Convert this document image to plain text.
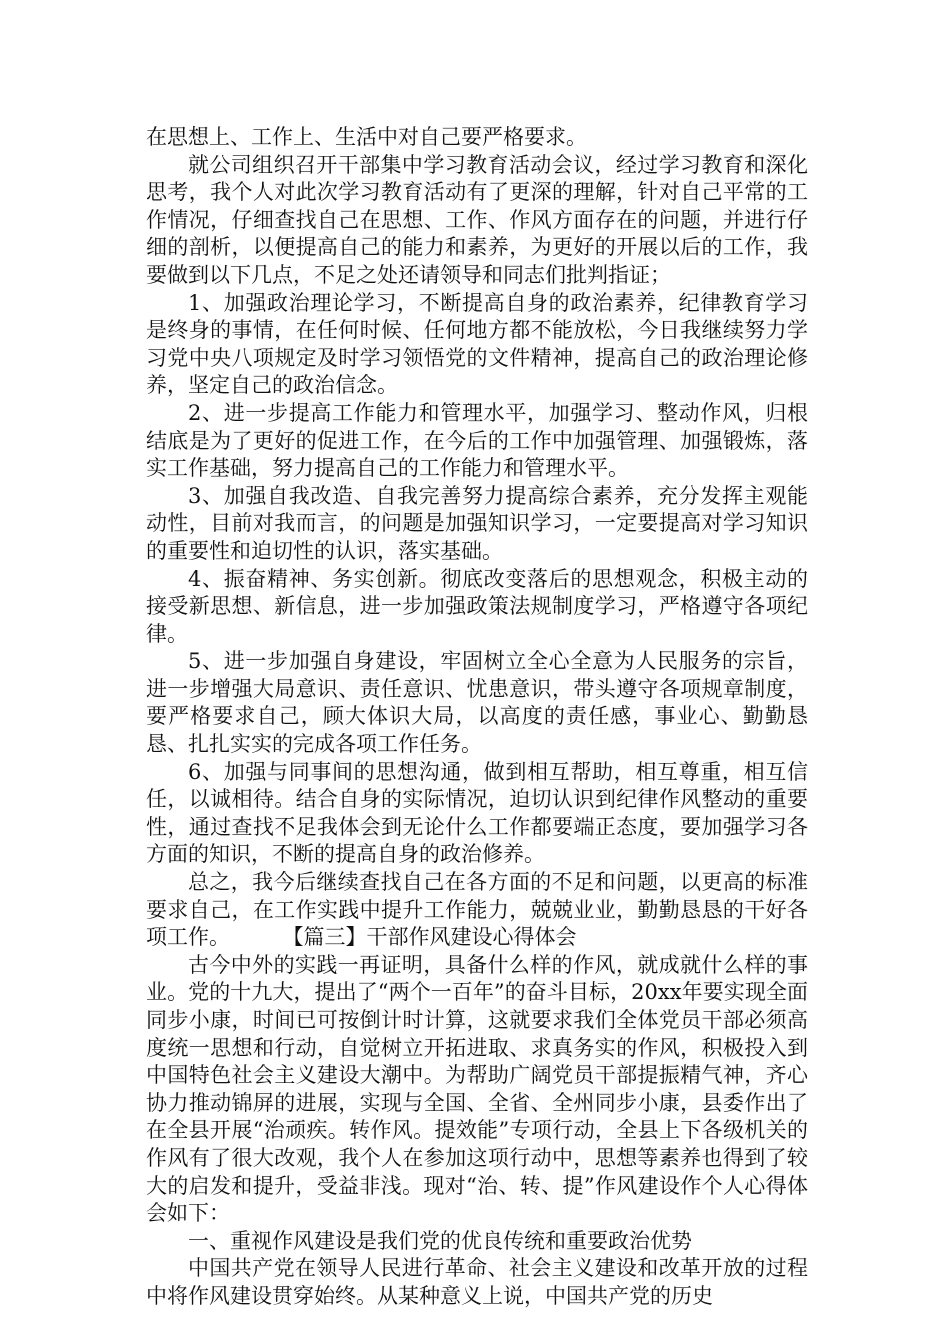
在思想上、工作上、生活中对自己要严格要求。

就公司组织召开干部集中学习教育活动会议，经过学习教育和深化思考，我个人对此次学习教育活动有了更深的理解，针对自己平常的工作情况，仔细查找自己在思想、工作、作风方面存在的问题，并进行仔细的剖析，以便提高自己的能力和素养，为更好的开展以后的工作，我要做到以下几点，不足之处还请领导和同志们批判指证；

1、加强政治理论学习，不断提高自身的政治素养，纪律教育学习是终身的事情，在任何时候、任何地方都不能放松，今日我继续努力学习党中央八项规定及时学习领悟党的文件精神，提高自己的政治理论修养，坚定自己的政治信念。

2、进一步提高工作能力和管理水平，加强学习、整动作风，归根结底是为了更好的促进工作，在今后的工作中加强管理、加强锻炼，落实工作基础，努力提高自己的工作能力和管理水平。

3、加强自我改造、自我完善努力提高综合素养，充分发挥主观能动性，目前对我而言，的问题是加强知识学习，一定要提高对学习知识的重要性和迫切性的认识，落实基础。

4、振奋精神、务实创新。彻底改变落后的思想观念，积极主动的接受新思想、新信息，进一步加强政策法规制度学习，严格遵守各项纪律。

5、进一步加强自身建设，牢固树立全心全意为人民服务的宗旨，进一步增强大局意识、责任意识、忧患意识，带头遵守各项规章制度，要严格要求自己，顾大体识大局，以高度的责任感，事业心、勤勤恳恳、扎扎实实的完成各项工作任务。

6、加强与同事间的思想沟通，做到相互帮助，相互尊重，相互信任，以诚相待。结合自身的实际情况，迫切认识到纪律作风整动的重要性，通过查找不足我体会到无论什么工作都要端正态度，要加强学习各方面的知识，不断的提高自身的政治修养。

总之，我今后继续查找自己在各方面的不足和问题，以更高的标准要求自己，在工作实践中提升工作能力，兢兢业业，勤勤恳恳的干好各项工作。	【篇三】干部作风建设心得体会

古今中外的实践一再证明，具备什么样的作风，就成就什么样的事业。党的十九大，提出了“两个一百年”的奋斗目标，20xx年要实现全面同步小康，时间已可按倒计时计算，这就要求我们全体党员干部必须高度统一思想和行动，自觉树立开拓进取、求真务实的作风，积极投入到中国特色社会主义建设大潮中。为帮助广阔党员干部提振精气神，齐心协力推动锦屏的进展，实现与全国、全省、全州同步小康，县委作出了在全县开展“治顽疾。转作风。提效能”专项行动，全县上下各级机关的作风有了很大改观，我个人在参加这项行动中，思想等素养也得到了较大的启发和提升，受益非浅。现对“治、转、提”作风建设作个人心得体会如下：

一、重视作风建设是我们党的优良传统和重要政治优势

中国共产党在领导人民进行革命、社会主义建设和改革开放的过程中将作风建设贯穿始终。从某种意义上说，中国共产党的历史
